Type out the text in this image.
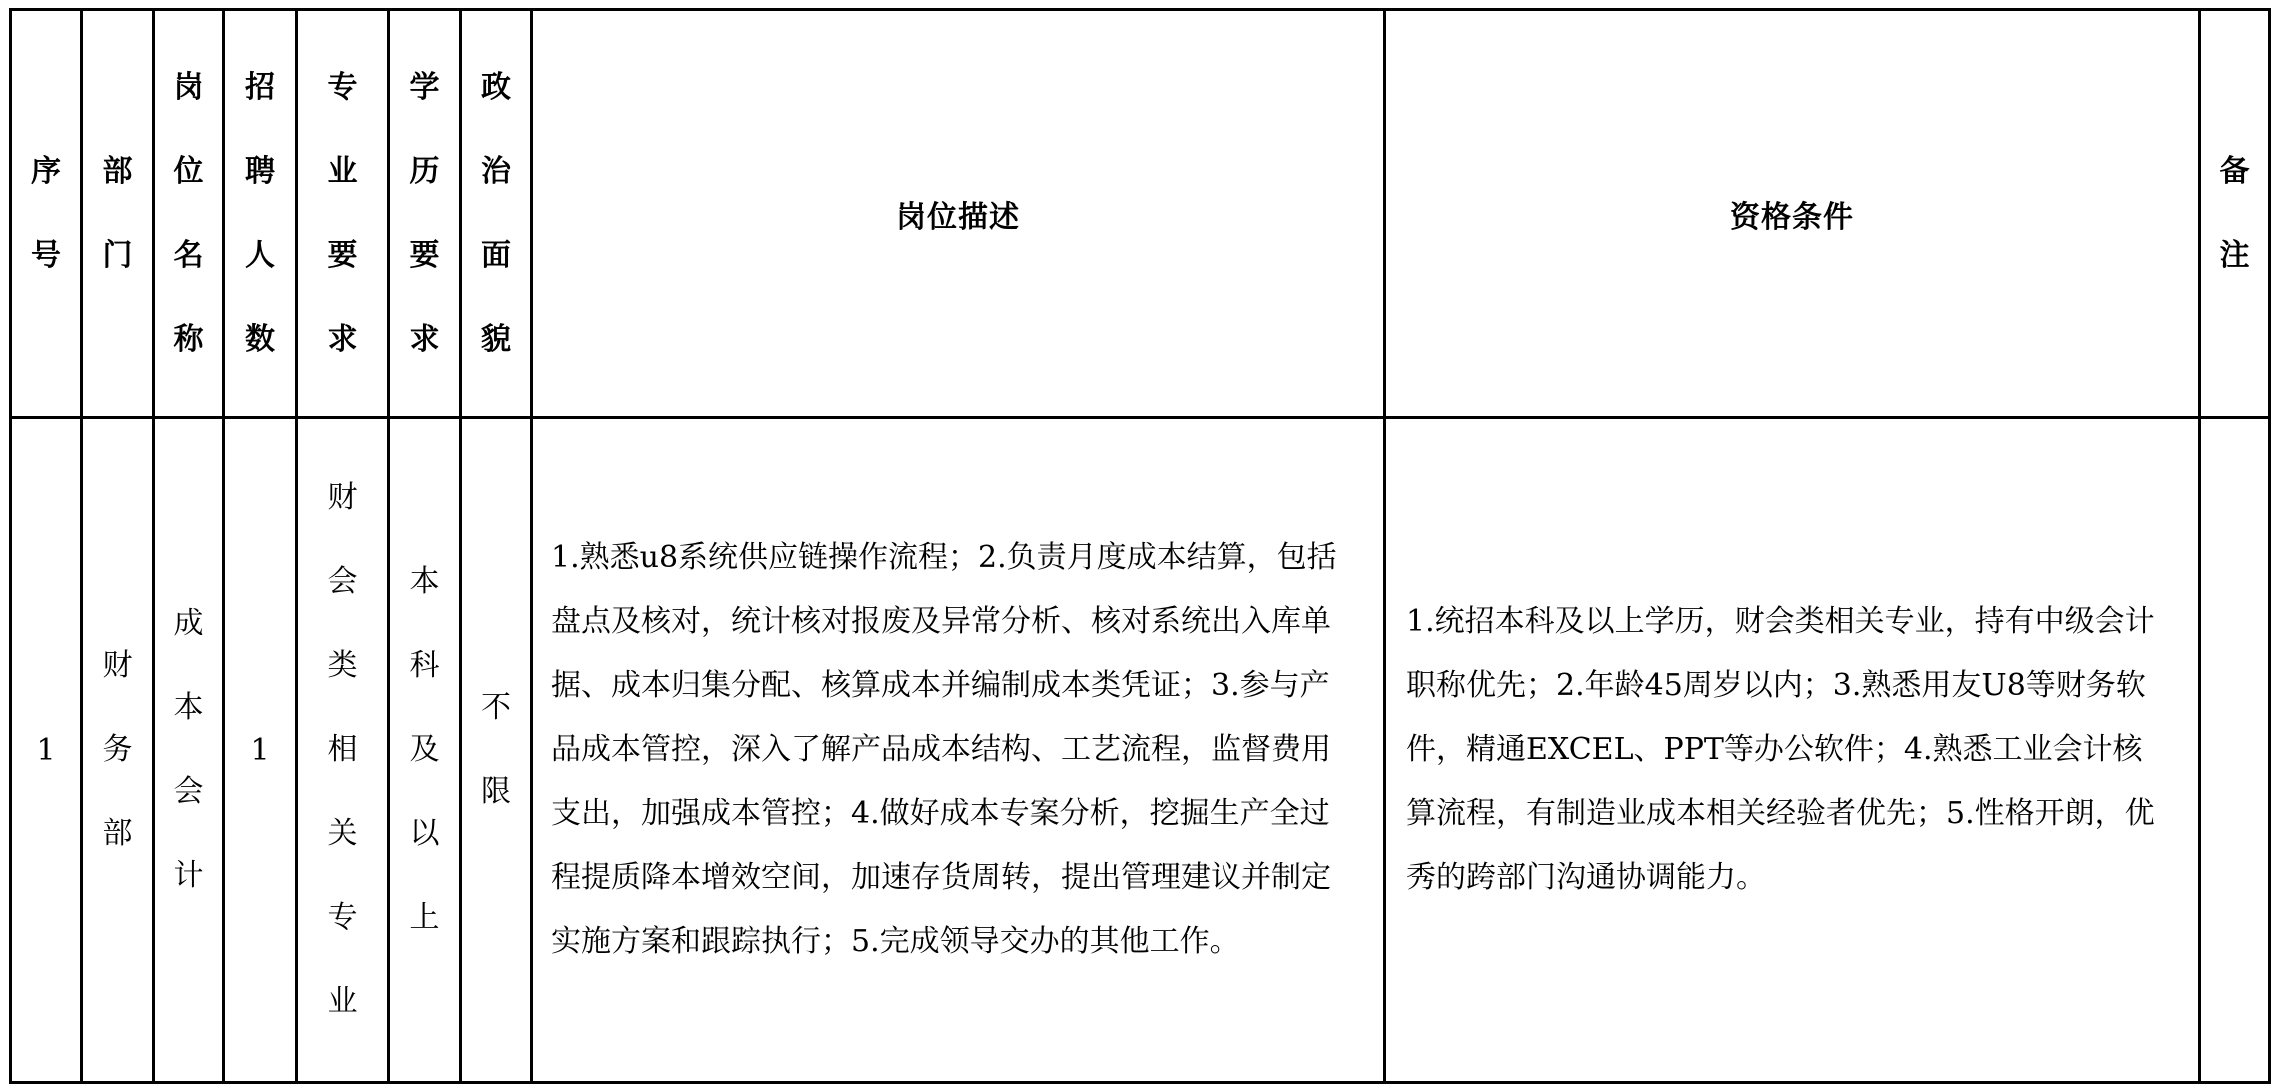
序号	部门	岗位名称	招聘人数	专业要求	学历要求	政治面貌	岗位描述	资格条件	备注

1	财务部	成本会计	1	财会类相关专业	本科及以上	不限	1.熟悉u8系统供应链操作流程；2.负责月度成本结算，包括盘点及核对，统计核对报废及异常分析、核对系统出入库单据、成本归集分配、核算成本并编制成本类凭证；3.参与产品成本管控，深入了解产品成本结构、工艺流程，监督费用支出，加强成本管控；4.做好成本专案分析，挖掘生产全过程提质降本增效空间，加速存货周转，提出管理建议并制定实施方案和跟踪执行；5.完成领导交办的其他工作。	1.统招本科及以上学历，财会类相关专业，持有中级会计职称优先；2.年龄45周岁以内；3.熟悉用友U8等财务软件，精通EXCEL、PPT等办公软件；4.熟悉工业会计核算流程，有制造业成本相关经验者优先；5.性格开朗，优秀的跨部门沟通协调能力。	
